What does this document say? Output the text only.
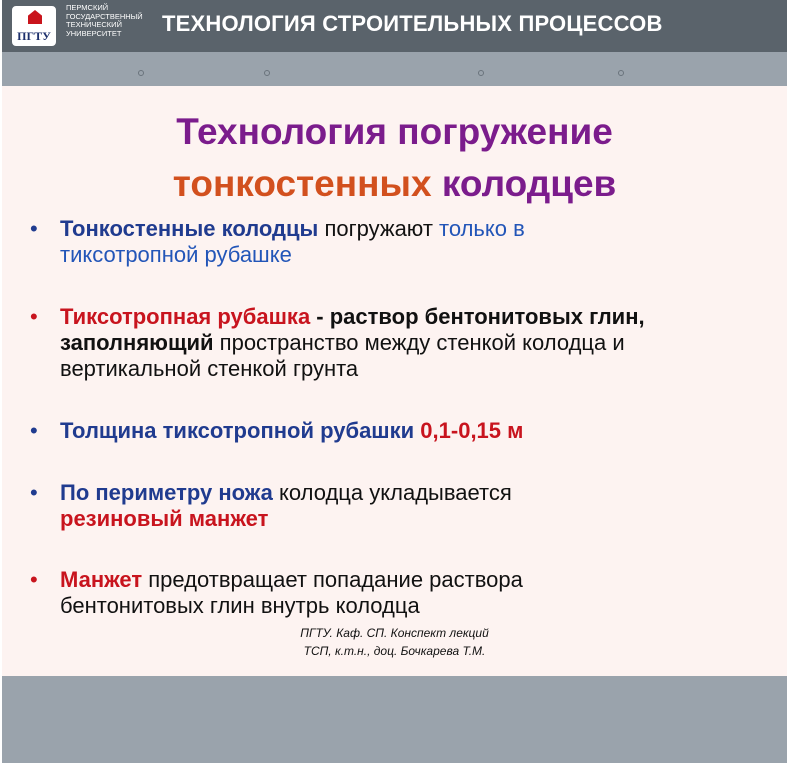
ПГТУ
ПЕРМСКИЙ ГОСУДАРСТВЕННЫЙ ТЕХНИЧЕСКИЙ УНИВЕРСИТЕТ	ТЕХНОЛОГИЯ СТРОИТЕЛЬНЫХ ПРОЦЕССОВ
Технология погружение
тонкостенных колодцев
• Тонкостенные колодцы погружают только в
тиксотропной рубашке
• Тиксотропная рубашка - раствор бентонитовых глин,
заполняющий пространство между стенкой колодца и
вертикальной стенкой грунта
• Толщина тиксотропной рубашки 0,1-0,15 м
• По периметру ножа колодца укладывается
резиновый манжет
• Манжет предотвращает попадание раствора
бентонитовых глин внутрь колодца
ПГТУ. Каф. СП. Конспект лекций
ТСП, к.т.н., доц. Бочкарева Т.М.
